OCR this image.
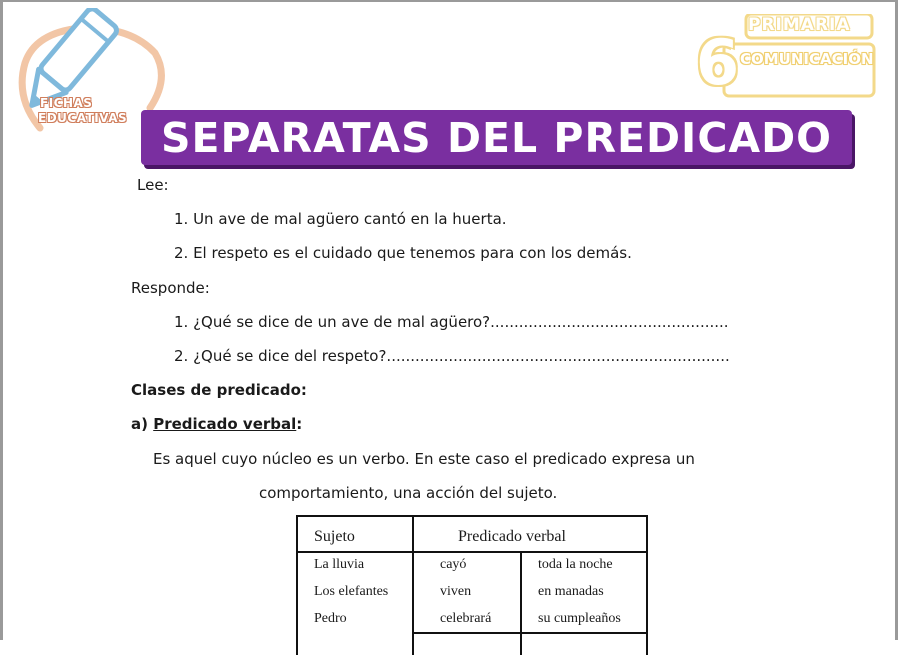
FICHAS
EDUCATIVAS
PRIMARIA
6 COMUNICACIÓN
SEPARATAS DEL PREDICADO
Lee:
1. Un ave de mal agüero cantó en la huerta.
2. El respeto es el cuidado que tenemos para con los demás.
Responde:
1. ¿Qué se dice de un ave de mal agüero?..................................................
2. ¿Qué se dice del respeto?........................................................................
Clases de predicado:
a) Predicado verbal:
Es aquel cuyo núcleo es un verbo. En este caso el predicado expresa un
comportamiento, una acción del sujeto.
Sujeto	Predicado verbal
La lluvia	cayó	toda la noche
Los elefantes	viven	en manadas
Pedro	celebrará	su cumpleaños
